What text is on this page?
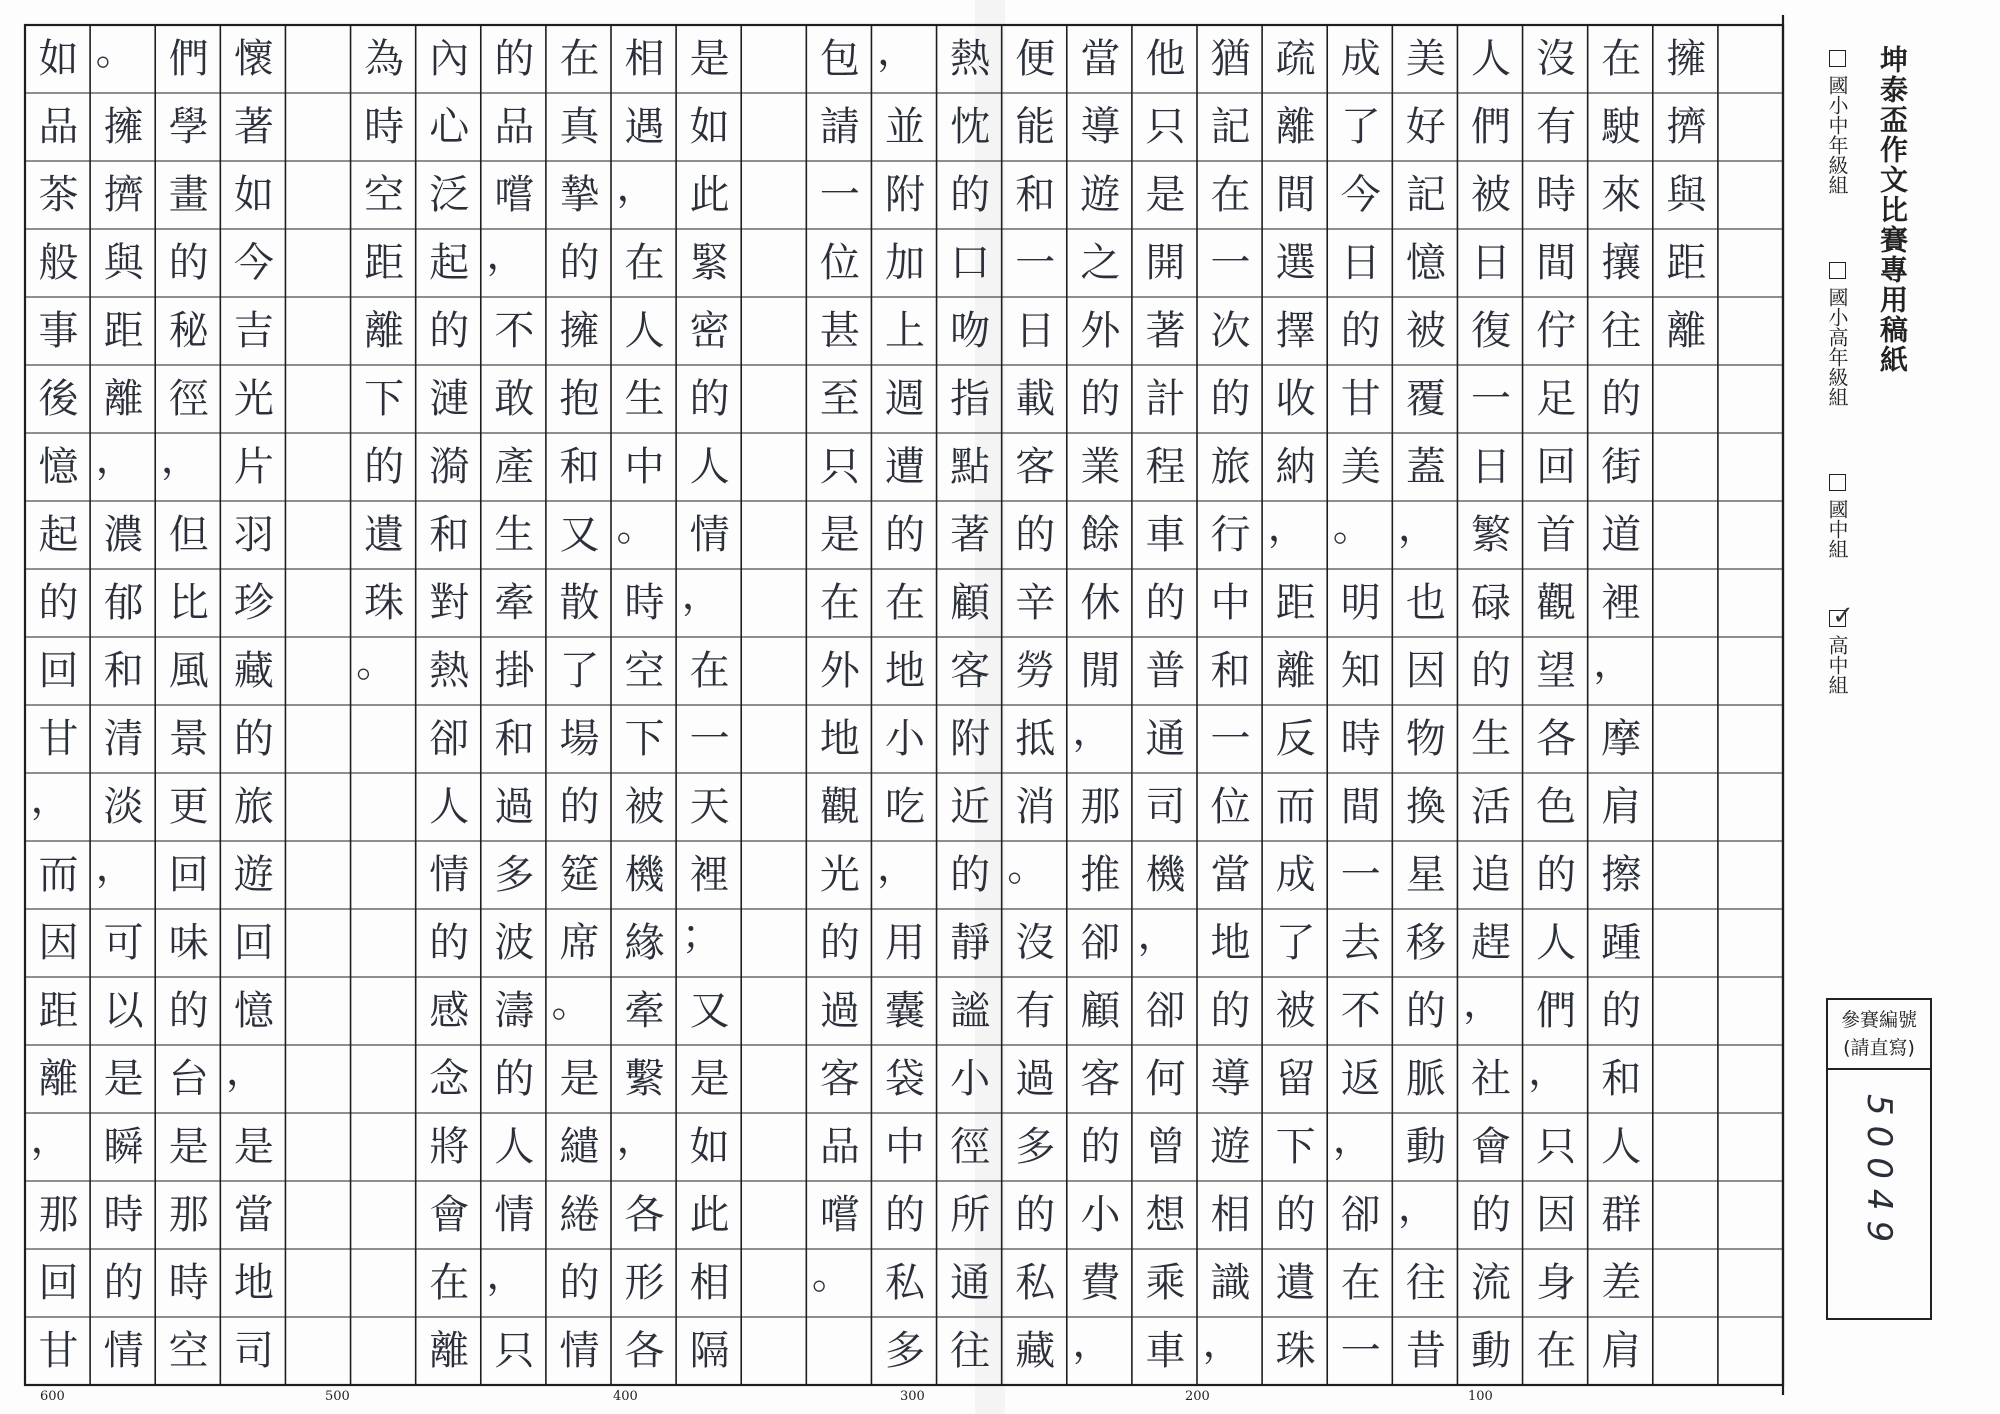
擁
擠
與
距
離
在
駛
來
攘
往
的
街
道
裡
，
摩
肩
擦
踵
的
和
人
群
差
肩
沒
有
時
間
佇
足
回
首
觀
望
各
色
的
人
們
，
只
因
身
在
人
們
被
日
復
一
日
繁
碌
的
生
活
追
趕
，
社
會
的
流
動
美
好
記
憶
被
覆
蓋
，
也
因
物
換
星
移
的
脈
動
，
往
昔
成
了
今
日
的
甘
美
。
明
知
時
間
一
去
不
返
，
卻
在
一
疏
離
間
選
擇
收
納
，
距
離
反
而
成
了
被
留
下
的
遺
珠
猶
記
在
一
次
的
旅
行
中
和
一
位
當
地
的
導
遊
相
識
，
他
只
是
開
著
計
程
車
的
普
通
司
機
，
卻
何
曾
想
乘
車
當
導
遊
之
外
的
業
餘
休
閒
，
那
推
卻
顧
客
的
小
費
，
便
能
和
一
日
載
客
的
辛
勞
抵
消
。
沒
有
過
多
的
私
藏
熱
忱
的
口
吻
指
點
著
顧
客
附
近
的
靜
謐
小
徑
所
通
往
，
並
附
加
上
週
遭
的
在
地
小
吃
，
用
囊
袋
中
的
私
多
包
請
一
位
甚
至
只
是
在
外
地
觀
光
的
過
客
品
嚐
。
是
如
此
緊
密
的
人
情
，
在
一
天
裡
；
又
是
如
此
相
隔
相
遇
，
在
人
生
中
。
時
空
下
被
機
緣
牽
繫
，
各
形
各
在
真
摯
的
擁
抱
和
又
散
了
場
的
筵
席
。
是
繾
綣
的
情
的
品
嚐
，
不
敢
產
生
牽
掛
和
過
多
波
濤
的
人
情
，
只
內
心
泛
起
的
漣
漪
和
對
熱
卻
人
情
的
感
念
將
會
在
離
為
時
空
距
離
下
的
遺
珠
。
懷
著
如
今
吉
光
片
羽
珍
藏
的
旅
遊
回
憶
，
是
當
地
司
們
學
畫
的
秘
徑
，
但
比
風
景
更
回
味
的
台
是
那
時
空
。
擁
擠
與
距
離
，
濃
郁
和
清
淡
，
可
以
是
瞬
時
的
情
如
品
茶
般
事
後
憶
起
的
回
甘
，
而
因
距
離
，
那
回
甘
600	500	400	300	200	100
坤泰盃作文比賽專用稿紙
國小中年級組
國小高年級組
國中組
✓
高中組
參賽編號
(請直寫)
50049
